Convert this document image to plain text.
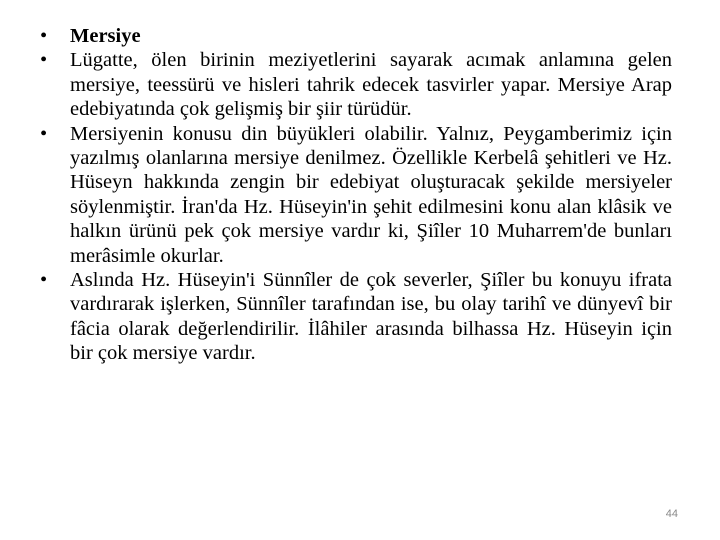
•	Mersiye
•	Lügatte, ölen birinin meziyetlerini sayarak acımak anlamına gelen mersiye, teessürü ve hisleri tahrik edecek tasvirler yapar. Mersiye Arap edebiyatında çok gelişmiş bir şiir türüdür.
•	Mersiyenin konusu din büyükleri olabilir. Yalnız, Peygamberimiz için yazılmış olanlarına mersiye denilmez. Özellikle Kerbelâ şehitleri ve Hz. Hüseyn hakkında zengin bir edebiyat oluşturacak şekilde mersiyeler söylenmiştir. İran'da Hz. Hüseyin'in şehit edilmesini konu alan klâsik ve halkın ürünü pek çok mersiye vardır ki, Şiîler 10 Muharrem'de bunları merâsimle okurlar.
•	Aslında Hz. Hüseyin'i Sünnîler de çok severler, Şiîler bu konuyu ifrata vardırarak işlerken, Sünnîler tarafından ise, bu olay tarihî ve dünyevî bir fâcia olarak değerlendirilir. İlâhiler arasında bilhassa Hz. Hüseyin için bir çok mersiye vardır.
44
